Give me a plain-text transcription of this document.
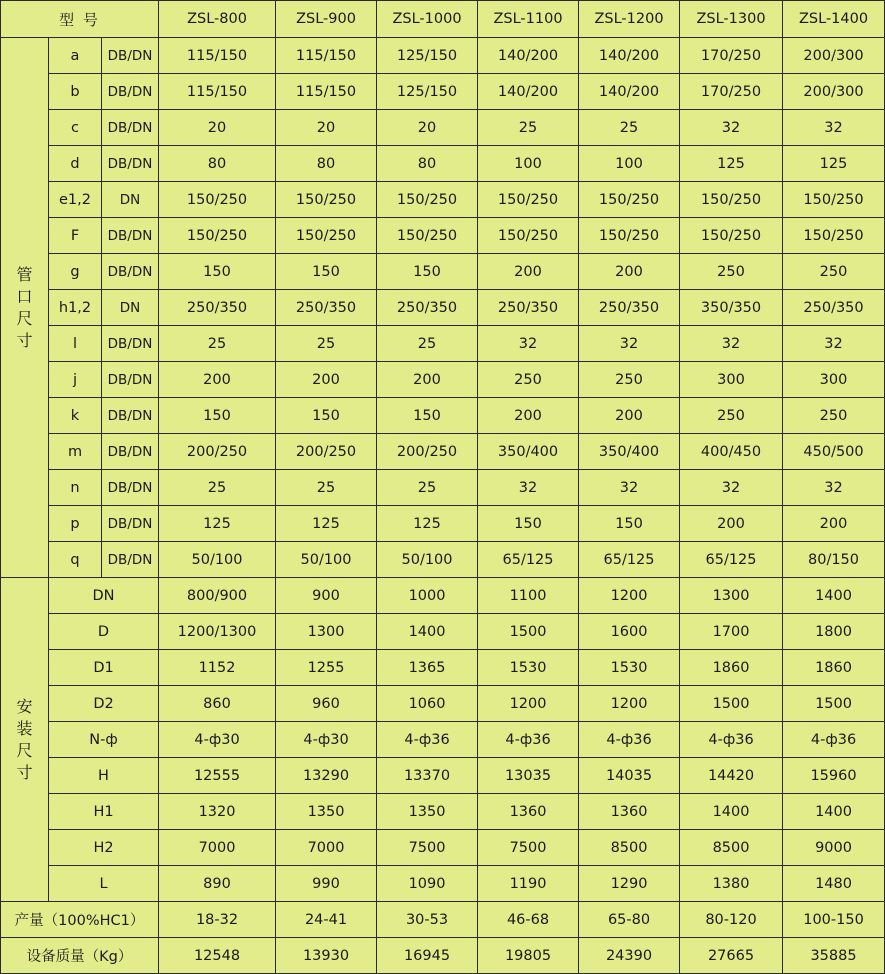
型 号			ZSL-800	ZSL-900	ZSL-1000	ZSL-1100	ZSL-1200	ZSL-1300	ZSL-1400
管
口
尺
寸	a	DB/DN	115/150	115/150	125/150	140/200	140/200	170/250	200/300
	b	DB/DN	115/150	115/150	125/150	140/200	140/200	170/250	200/300
	c	DB/DN	20	20	20	25	25	32	32
	d	DB/DN	80	80	80	100	100	125	125
	e1,2	DN	150/250	150/250	150/250	150/250	150/250	150/250	150/250
	F	DB/DN	150/250	150/250	150/250	150/250	150/250	150/250	150/250
	g	DB/DN	150	150	150	200	200	250	250
	h1,2	DN	250/350	250/350	250/350	250/350	250/350	350/350	250/350
	l	DB/DN	25	25	25	32	32	32	32
	j	DB/DN	200	200	200	250	250	300	300
	k	DB/DN	150	150	150	200	200	250	250
	m	DB/DN	200/250	200/250	200/250	350/400	350/400	400/450	450/500
	n	DB/DN	25	25	25	32	32	32	32
	p	DB/DN	125	125	125	150	150	200	200
	q	DB/DN	50/100	50/100	50/100	65/125	65/125	65/125	80/150
安
装
尺
寸	DN		800/900	900	1000	1100	1200	1300	1400
	D		1200/1300	1300	1400	1500	1600	1700	1800
	D1		1152	1255	1365	1530	1530	1860	1860
	D2		860	960	1060	1200	1200	1500	1500
	N-ф		4-ф30	4-ф30	4-ф36	4-ф36	4-ф36	4-ф36	4-ф36
	H		12555	13290	13370	13035	14035	14420	15960
	H1		1320	1350	1350	1360	1360	1400	1400
	H2		7000	7000	7500	7500	8500	8500	9000
	L		890	990	1090	1190	1290	1380	1480
产量（100%HC1）			18-32	24-41	30-53	46-68	65-80	80-120	100-150
设备质量（Kg）			12548	13930	16945	19805	24390	27665	35885
